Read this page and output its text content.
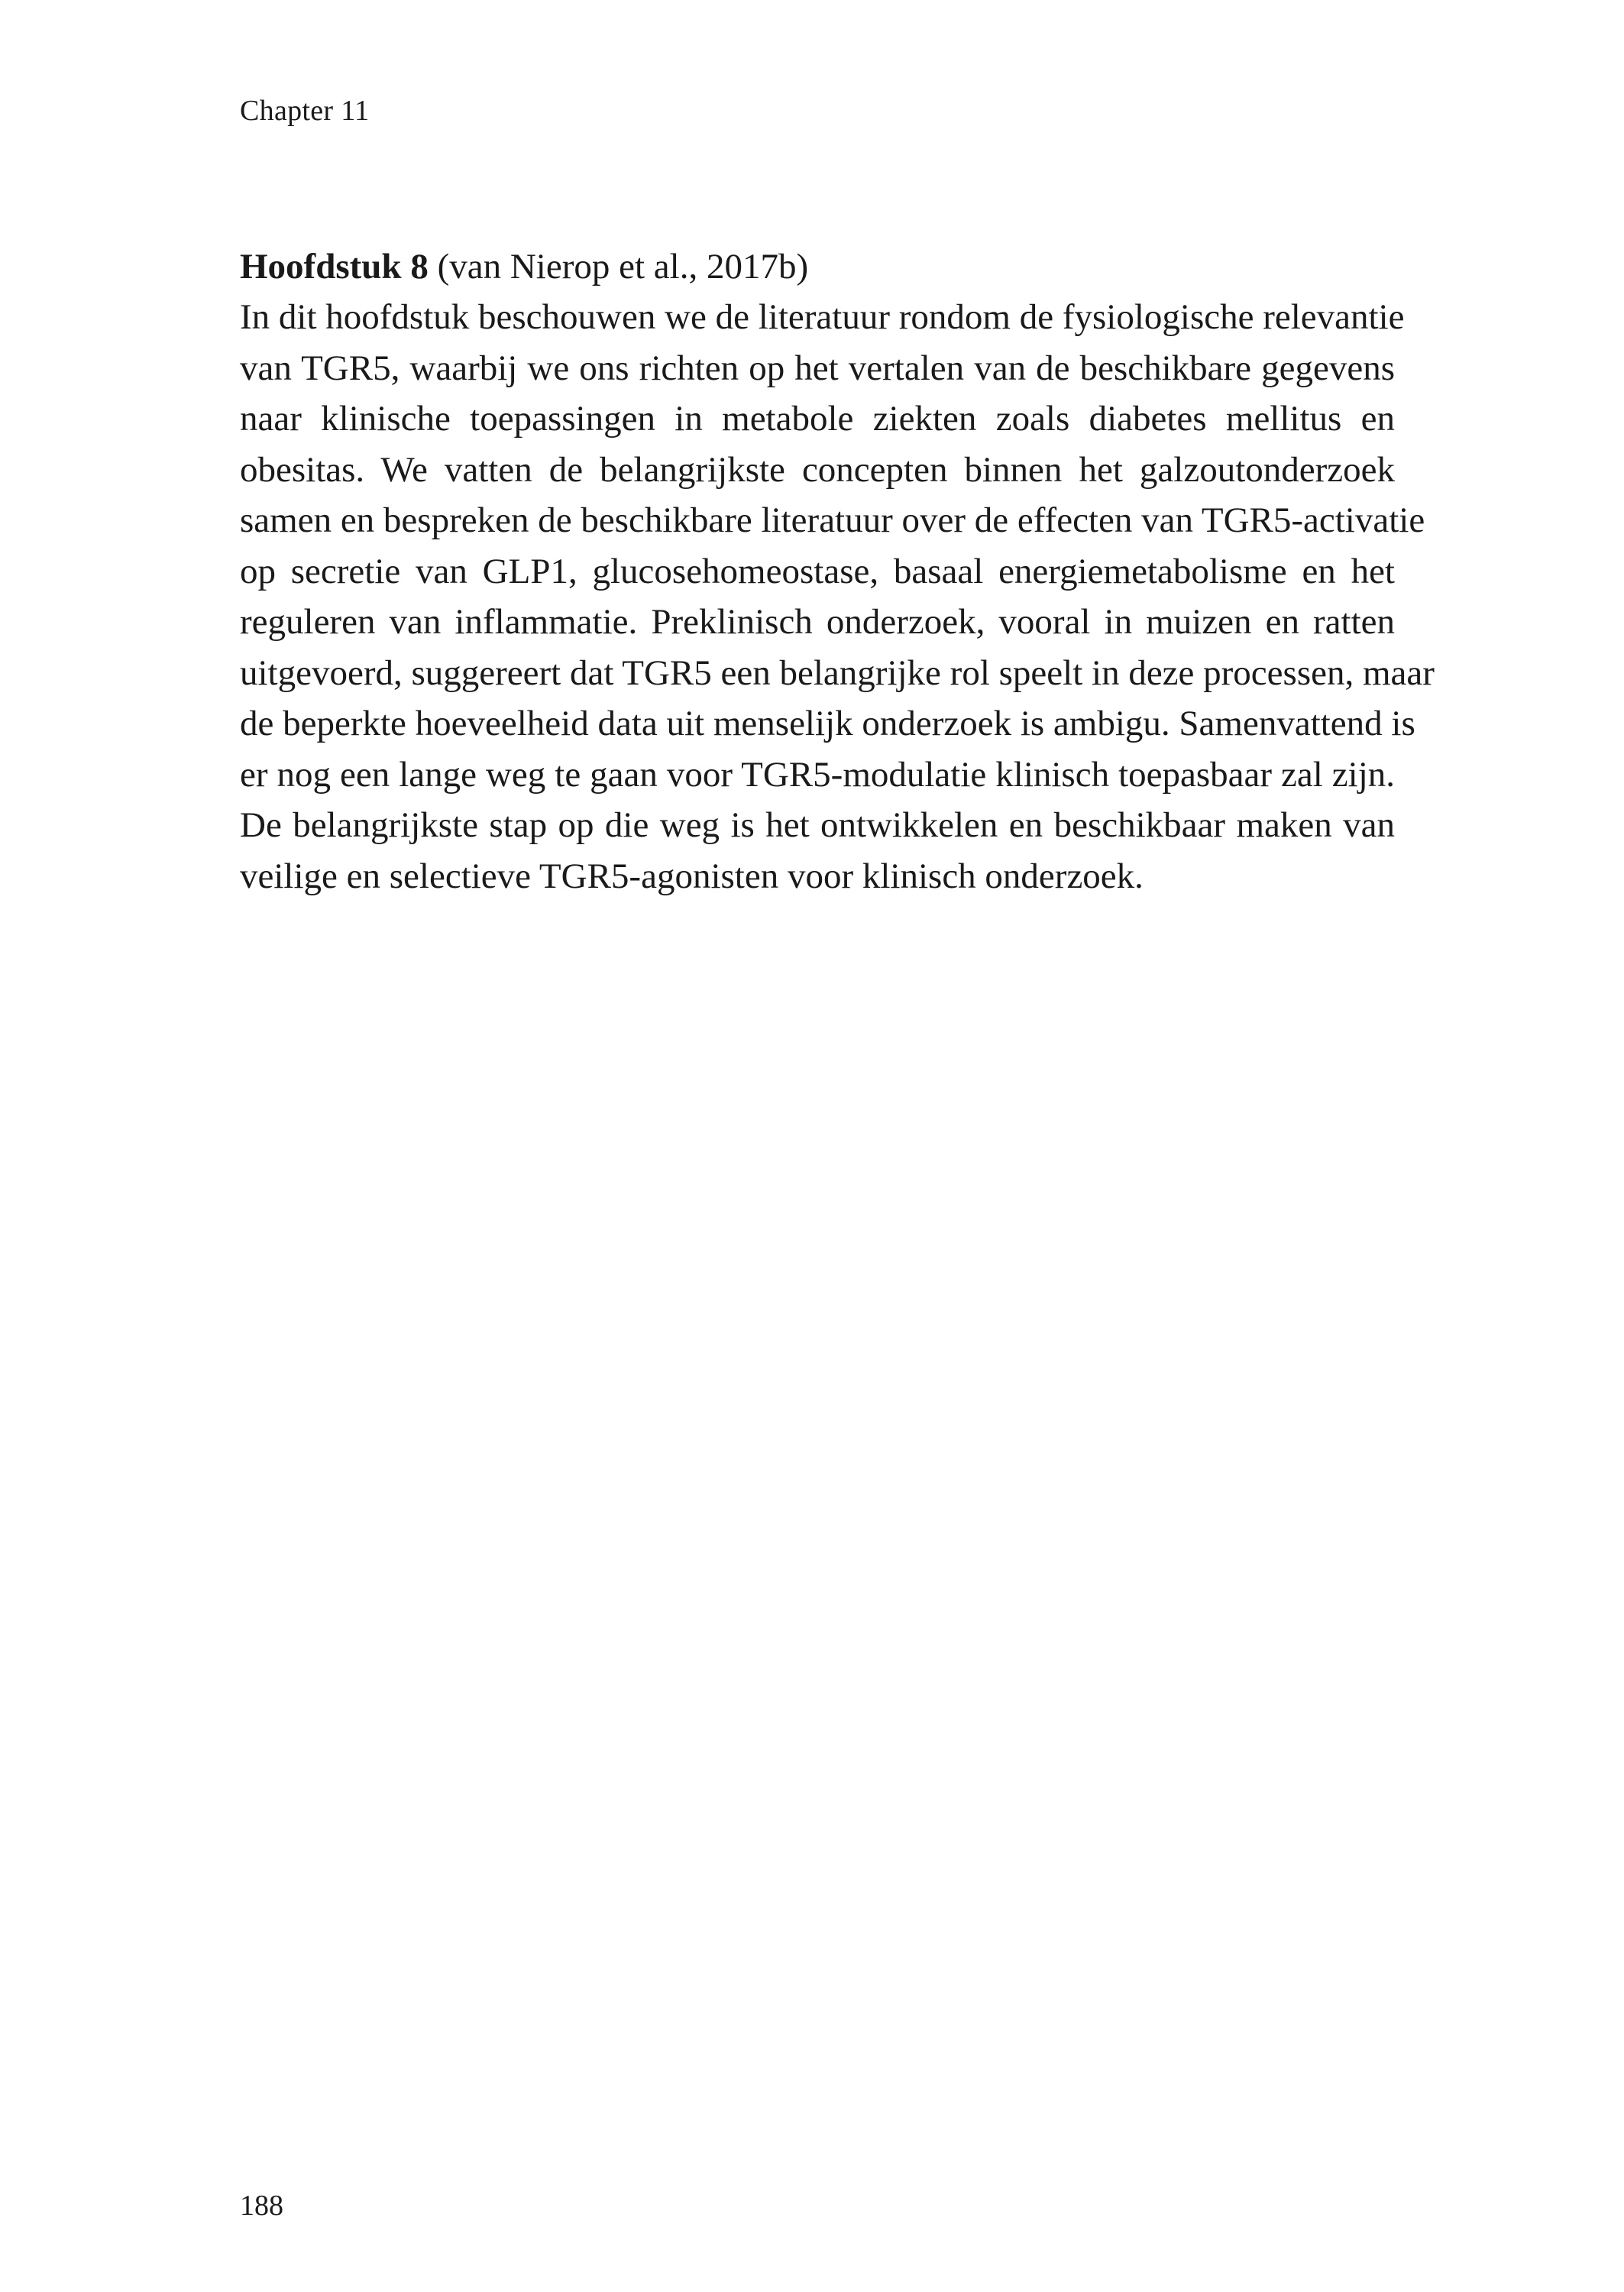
Chapter 11
Hoofdstuk 8 (van Nierop et al., 2017b)
In dit hoofdstuk beschouwen we de literatuur rondom de fysiologische relevantie
van TGR5, waarbij we ons richten op het vertalen van de beschikbare gegevens
naar klinische toepassingen in metabole ziekten zoals diabetes mellitus en
obesitas. We vatten de belangrijkste concepten binnen het galzoutonderzoek
samen en bespreken de beschikbare literatuur over de effecten van TGR5-activatie
op secretie van GLP1, glucosehomeostase, basaal energiemetabolisme en het
reguleren van inflammatie. Preklinisch onderzoek, vooral in muizen en ratten
uitgevoerd, suggereert dat TGR5 een belangrijke rol speelt in deze processen, maar
de beperkte hoeveelheid data uit menselijk onderzoek is ambigu. Samenvattend is
er nog een lange weg te gaan voor TGR5-modulatie klinisch toepasbaar zal zijn.
De belangrijkste stap op die weg is het ontwikkelen en beschikbaar maken van
veilige en selectieve TGR5-agonisten voor klinisch onderzoek.
188
